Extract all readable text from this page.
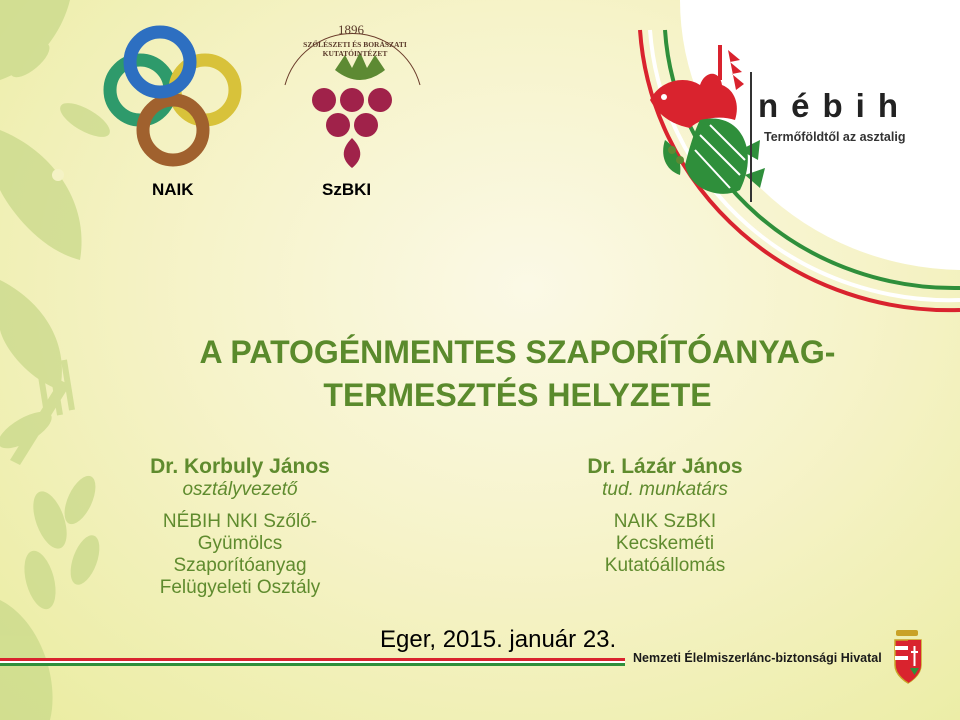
NAIK	SzBKI
nébih
Termőföldtől az asztalig
1896
SZŐLÉSZETI ÉS BORÁSZATI KUTATÓINTÉZET
A PATOGÉNMENTES SZAPORÍTÓANYAG-
TERMESZTÉS HELYZETE
Dr. Korbuly János
osztályvezető
NÉBIH NKI Szőlő-
Gyümölcs
Szaporítóanyag
Felügyeleti Osztály
Dr. Lázár János
tud. munkatárs
NAIK SzBKI
Kecskeméti
Kutatóállomás
Eger, 2015. január 23.
Nemzeti Élelmiszerlánc-biztonsági Hivatal
